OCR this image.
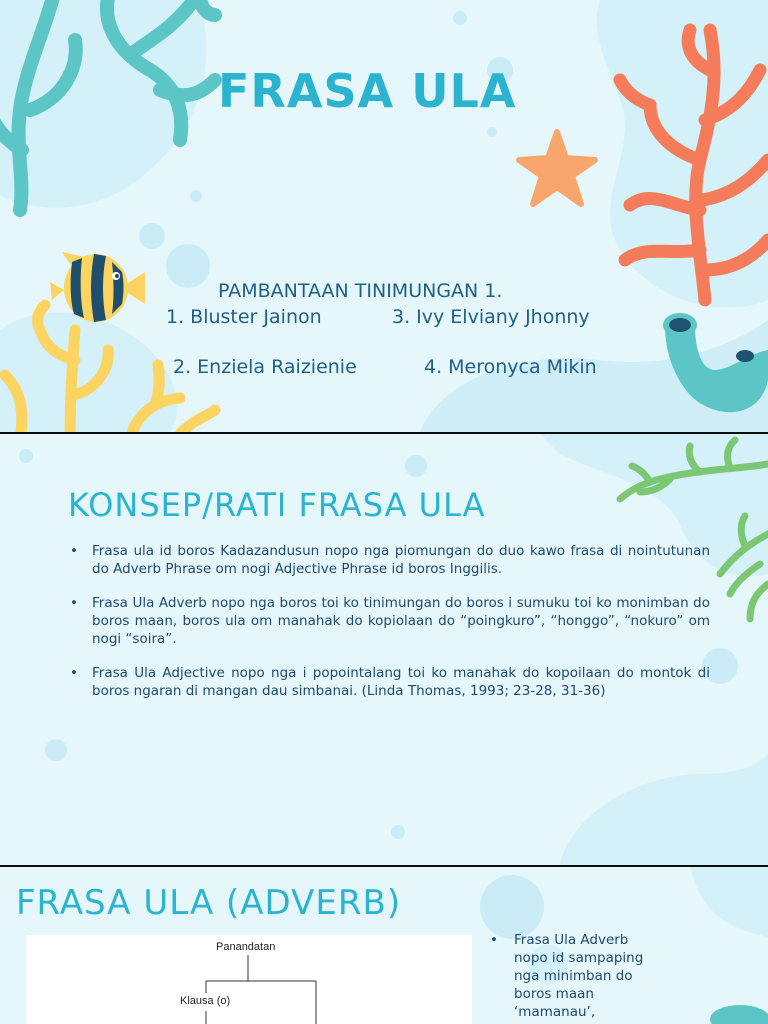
FRASA ULA
PAMBANTAAN TINIMUNGAN 1.
1. Bluster Jainon	3. Ivy Elviany Jhonny
2. Enziela Raizienie	4. Meronyca Mikin
KONSEP/RATI FRASA ULA
• Frasa ula id boros Kadazandusun nopo nga piomungan do duo kawo frasa di nointutunan do Adverb Phrase om nogi Adjective Phrase id boros Inggilis.
• Frasa Ula Adverb nopo nga boros toi ko tinimungan do boros i sumuku toi ko monimban do boros maan, boros ula om manahak do kopiolaan do “poingkuro”, “honggo”, “nokuro” om nogi “soira”.
• Frasa Ula Adjective nopo nga i popointalang toi ko manahak do kopoilaan do montok di boros ngaran di mangan dau simbanai. (Linda Thomas, 1993; 23-28, 31-36)
FRASA ULA (ADVERB)
Panandatan
Klausa (o)
• Frasa Ula Adverb
nopo id sampaping
nga minimban do
boros maan
‘mamanau’,
